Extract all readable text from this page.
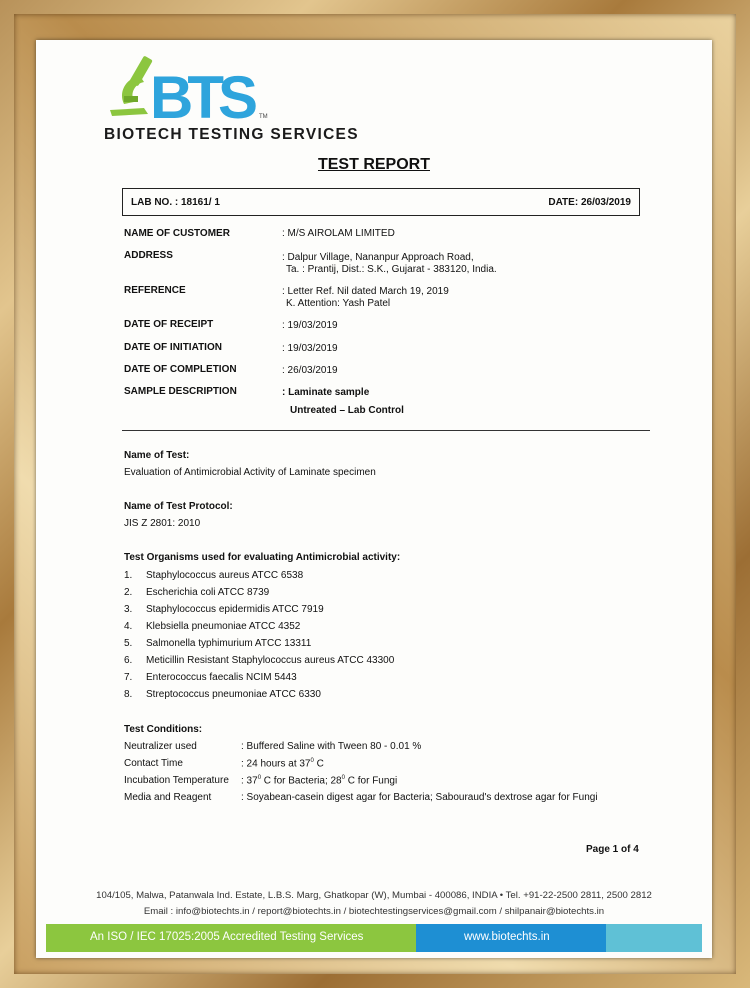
BTS	TM
BIOTECH TESTING SERVICES
TEST REPORT
LAB NO. : 18161/ 1	DATE: 26/03/2019
NAME OF CUSTOMER	: M/S AIROLAM LIMITED
ADDRESS	: Dalpur Village, Nananpur Approach Road,
Ta. : Prantij, Dist.: S.K., Gujarat - 383120, India.
REFERENCE	: Letter Ref. Nil dated March 19, 2019
K. Attention: Yash Patel
DATE OF RECEIPT	: 19/03/2019
DATE OF INITIATION	: 19/03/2019
DATE OF COMPLETION	: 26/03/2019
SAMPLE DESCRIPTION	: Laminate sample
Untreated – Lab Control
Name of Test:
Evaluation of Antimicrobial Activity of Laminate specimen
Name of Test Protocol:
JIS Z 2801: 2010
Test Organisms used for evaluating Antimicrobial activity:
1. Staphylococcus aureus ATCC 6538
2. Escherichia coli ATCC 8739
3. Staphylococcus epidermidis ATCC 7919
4. Klebsiella pneumoniae ATCC 4352
5. Salmonella typhimurium ATCC 13311
6. Meticillin Resistant Staphylococcus aureus ATCC 43300
7. Enterococcus faecalis NCIM 5443
8. Streptococcus pneumoniae ATCC 6330
Test Conditions:
Neutralizer used	: Buffered Saline with Tween 80 - 0.01 %
Contact Time	: 24 hours at $37^0$ C
Incubation Temperature : $37^0$ C for Bacteria; $28^0$ C for Fungi
Media and Reagent	: Soyabean-casein digest agar for Bacteria; Sabouraud's dextrose agar for Fungi
Page 1 of 4
104/105, Malwa, Patanwala Ind. Estate, L.B.S. Marg, Ghatkopar (W), Mumbai - 400086, INDIA • Tel. +91-22-2500 2811, 2500 2812
Email : info@biotechts.in / report@biotechts.in / biotechtestingservices@gmail.com / shilpanair@biotechts.in
An ISO / IEC 17025:2005 Accredited Testing Services	www.biotechts.in
